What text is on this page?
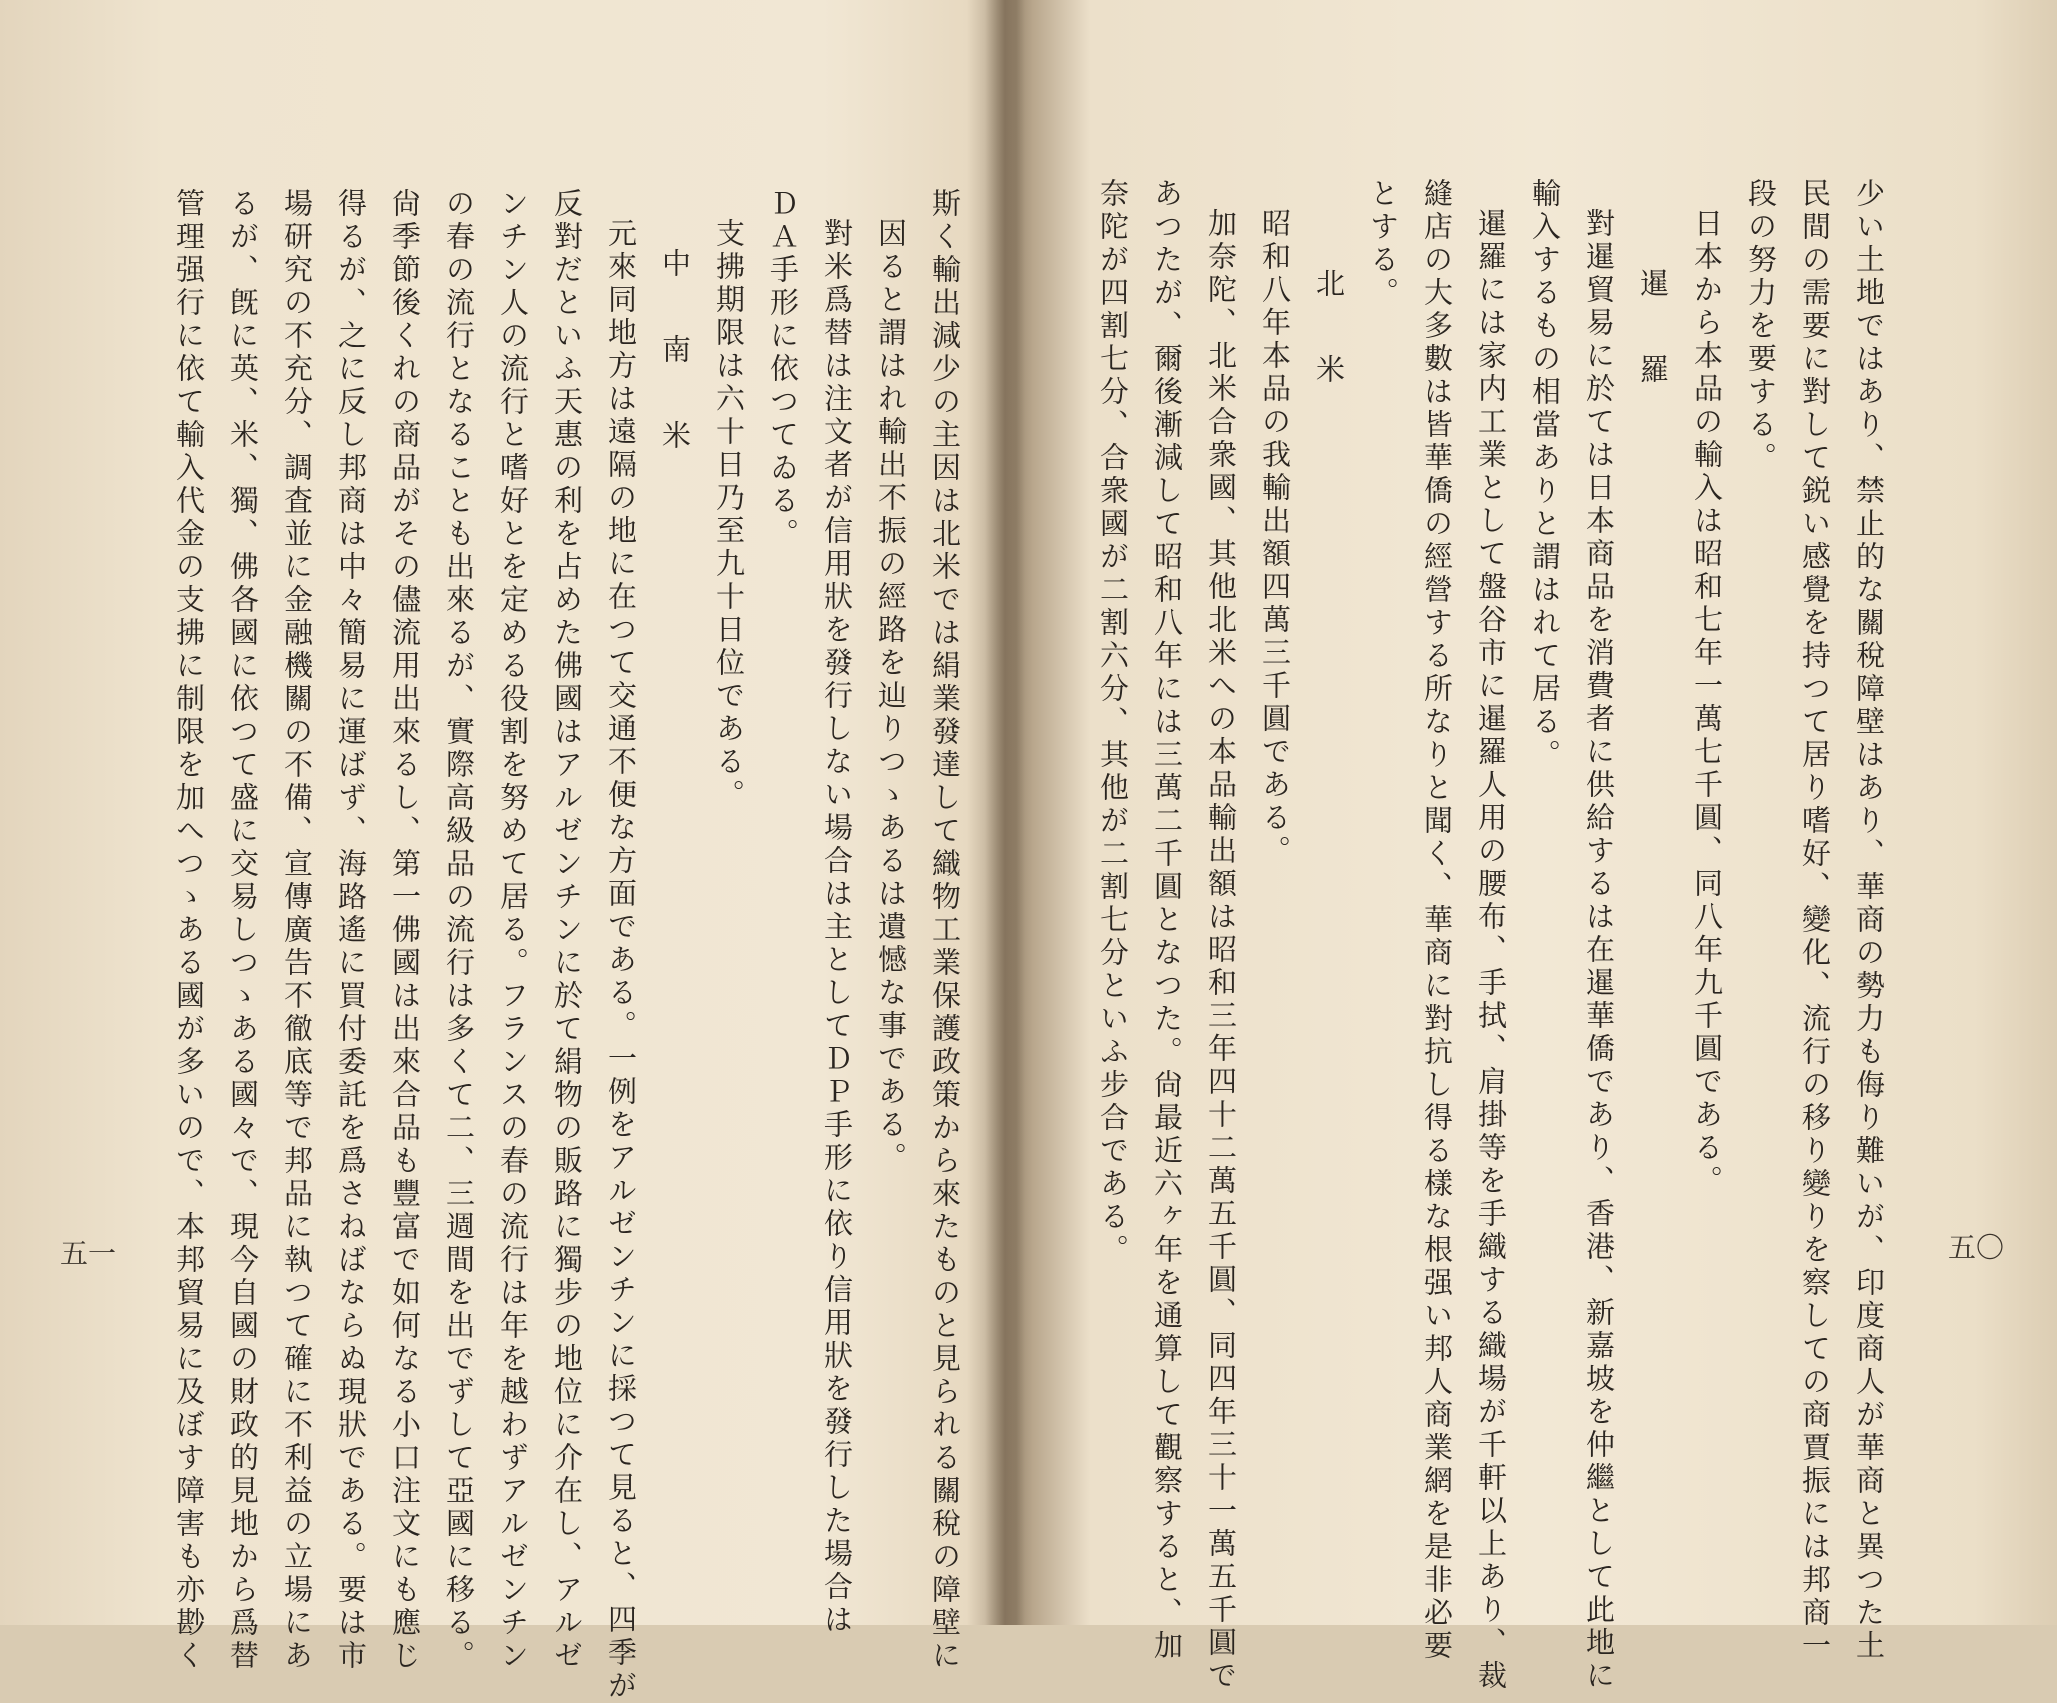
少い土地ではあり、禁止的な關稅障壁はあり、華商の勢力も侮り難いが、印度商人が華商と異つた土
民間の需要に對して鋭い感覺を持つて居り嗜好、變化、流行の移り變りを察しての商賈振には邦商一
段の努力を要する。
日本から本品の輸入は昭和七年一萬七千圓、同八年九千圓である。
暹　羅
對暹貿易に於ては日本商品を消費者に供給するは在暹華僑であり、香港、新嘉坡を仲繼として此地に
輸入するもの相當ありと謂はれて居る。
暹羅には家内工業として盤谷市に暹羅人用の腰布、手拭、肩掛等を手織する織場が千軒以上あり、裁
縫店の大多數は皆華僑の經營する所なりと聞く、華商に對抗し得る樣な根强い邦人商業網を是非必要
とする。
北　米
昭和八年本品の我輸出額四萬三千圓である。
加奈陀、北米合衆國、其他北米への本品輸出額は昭和三年四十二萬五千圓、同四年三十一萬五千圓で
あつたが、爾後漸減して昭和八年には三萬二千圓となつた。尙最近六ヶ年を通算して觀察すると、加
奈陀が四割七分、合衆國が二割六分、其他が二割七分といふ步合である。	五〇
斯く輸出減少の主因は北米では絹業發達して織物工業保護政策から來たものと見られる關稅の障壁に
因ると謂はれ輸出不振の經路を辿りつゝあるは遺憾な事である。
對米爲替は注文者が信用狀を發行しない場合は主としてＤＰ手形に依り信用狀を發行した場合は
ＤＡ手形に依つてゐる。
支拂期限は六十日乃至九十日位である。
中　南　米
元來同地方は遠隔の地に在つて交通不便な方面である。一例をアルゼンチンに採つて見ると、四季が
反對だといふ天惠の利を占めた佛國はアルゼンチンに於て絹物の販路に獨步の地位に介在し、アルゼ
ンチン人の流行と嗜好とを定める役割を努めて居る。フランスの春の流行は年を越わずアルゼンチン
の春の流行となることも出來るが、實際高級品の流行は多くて二、三週間を出でずして亞國に移る。
尙季節後くれの商品がその儘流用出來るし、第一佛國は出來合品も豐富で如何なる小口注文にも應じ
得るが、之に反し邦商は中々簡易に運ばず、海路遙に買付委託を爲さねばならぬ現狀である。要は市
場研究の不充分、調査並に金融機關の不備、宣傳廣告不徹底等で邦品に執つて確に不利益の立場にあ
るが、旣に英、米、獨、佛各國に依つて盛に交易しつゝある國々で、現今自國の財政的見地から爲替
管理强行に依て輸入代金の支拂に制限を加へつゝある國が多いので、本邦貿易に及ぼす障害も亦尠く
五一
